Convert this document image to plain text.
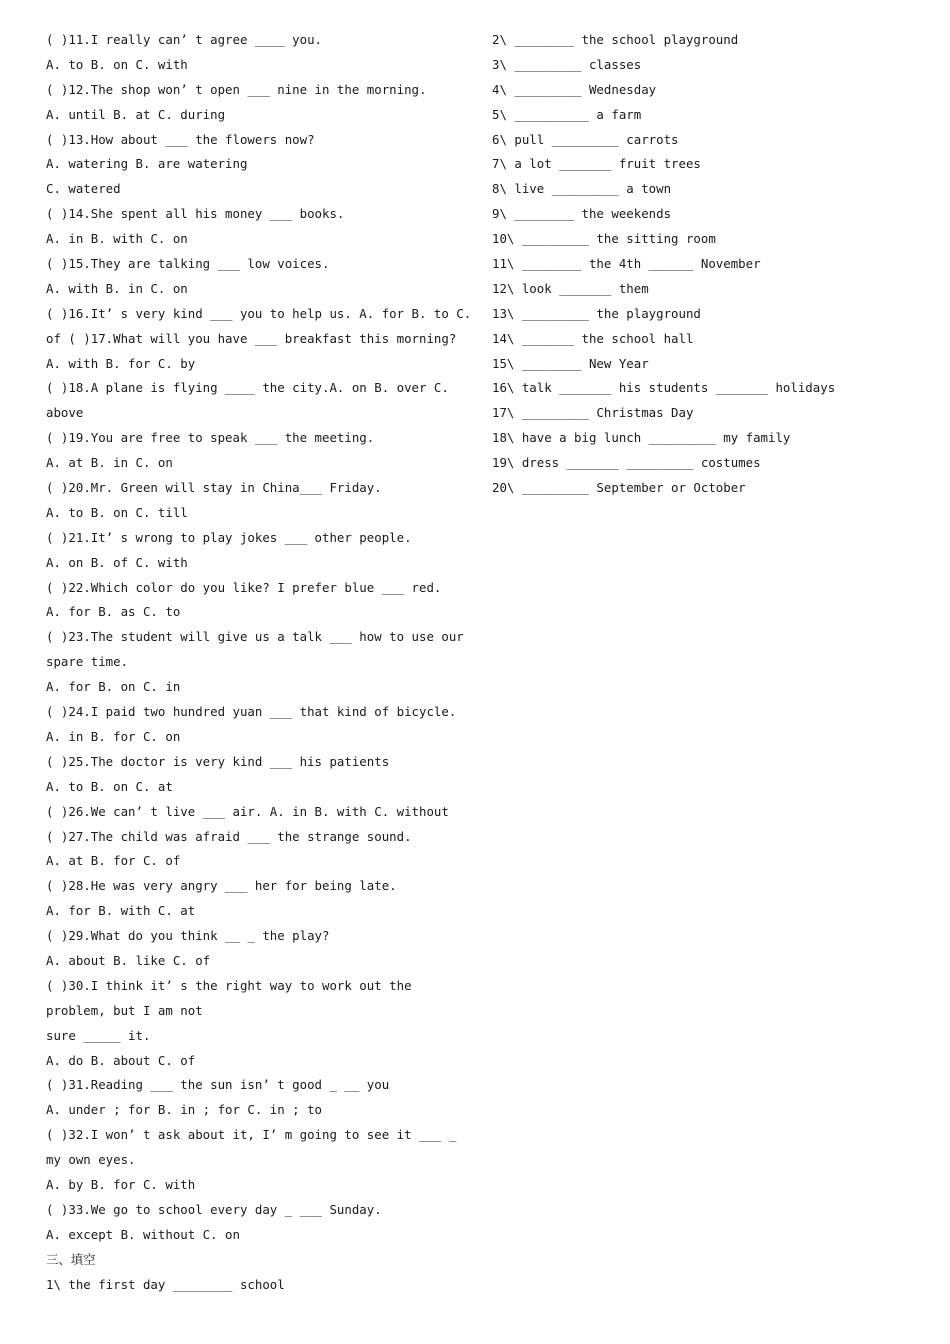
( )11.I really can’ t agree ____ you.
A. to B. on C. with
( )12.The shop won’ t open ___ nine in the morning.
A. until B. at C. during
( )13.How about ___ the flowers now?
A. watering B. are watering
C. watered
( )14.She spent all his money ___ books.
A. in B. with C. on
( )15.They are talking ___ low voices.
A. with B. in C. on
( )16.It’ s very kind ___ you to help us. A. for B. to C.
of ( )17.What will you have ___ breakfast this morning?
A. with B. for C. by
( )18.A plane is flying ____ the city.A. on B. over C.
above
( )19.You are free to speak ___ the meeting.
A. at B. in C. on
( )20.Mr. Green will stay in China___ Friday.
A. to B. on C. till
( )21.It’ s wrong to play jokes ___ other people.
A. on B. of C. with
( )22.Which color do you like? I prefer blue ___ red.
A. for B. as C. to
( )23.The student will give us a talk ___ how to use our
spare time.
A. for B. on C. in
( )24.I paid two hundred yuan ___ that kind of bicycle.
A. in B. for C. on
( )25.The doctor is very kind ___ his patients
A. to B. on C. at
( )26.We can’ t live ___ air. A. in B. with C. without
( )27.The child was afraid ___ the strange sound.
A. at B. for C. of
( )28.He was very angry ___ her for being late.
A. for B. with C. at
( )29.What do you think __ _ the play?
A. about B. like C. of
( )30.I think it’ s the right way to work out the
problem, but I am not
sure _____ it.
A. do B. about C. of
( )31.Reading ___ the sun isn’ t good _ __ you
A. under ; for B. in ; for C. in ; to
( )32.I won’ t ask about it, I’ m going to see it ___ _
my own eyes.
A. by B. for C. with
( )33.We go to school every day _ ___ Sunday.
A. except B. without C. on
三、填空
1\ the first day ________ school
2\ ________ the school playground
3\ _________ classes
4\ _________ Wednesday
5\ __________ a farm
6\ pull _________ carrots
7\ a lot _______ fruit trees
8\ live _________ a town
9\ ________ the weekends
10\ _________ the sitting room
11\ ________ the 4th ______ November
12\ look _______ them
13\ _________ the playground
14\ _______ the school hall
15\ ________ New Year
16\ talk _______ his students _______ holidays
17\ _________ Christmas Day
18\ have a big lunch _________ my family
19\ dress _______ _________ costumes
20\ _________ September or October
